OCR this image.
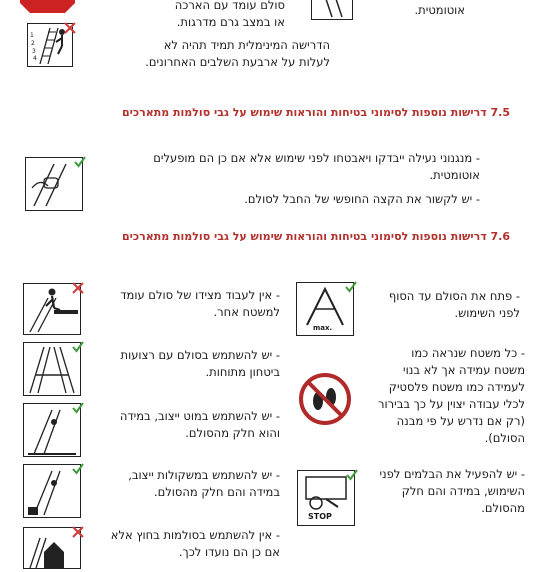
סולם עומד עם הארכה
או במצב גרם מדרגות.
אוטומטית.
1
2
3
4
הדרישה המינימלית תמיד תהיה לא
לעלות על ארבעת השלבים האחרונים.
7.5 דרישות נוספות לסימוני בטיחות והוראות שימוש על גבי סולמות מתארכים
- מנגנוני נעילה ייבדקו ויאבטחו לפני שימוש אלא אם כן הם מופעלים
אוטומטית.
- יש לקשור את הקצה החופשי של החבל לסולם.
7.6 דרישות נוספות לסימוני בטיחות והוראות שימוש על גבי סולמות מתארכים
- אין לעבוד מצידו של סולם עומד
למשטח אחר.
- יש להשתמש בסולם עם רצועות
ביטחון מתוחות.
- יש להשתמש במוט ייצוב, במידה
והוא חלק מהסולם.
- יש להשתמש במשקולות ייצוב,
במידה והם חלק מהסולם.
- אין להשתמש בסולמות בחוץ אלא
אם כן הם נועדו לכך.
max.
STOP
- פתח את הסולם עד הסוף
לפני השימוש.
- כל משטח שנראה כמו
משטח עמידה אך לא בנוי
לעמידה כמו משטח פלסטיק
לכלי עבודה יצוין על כך בבירור
(רק אם נדרש על פי מבנה
הסולם).
- יש להפעיל את הבלמים לפני
השימוש, במידה והם חלק
מהסולם.
